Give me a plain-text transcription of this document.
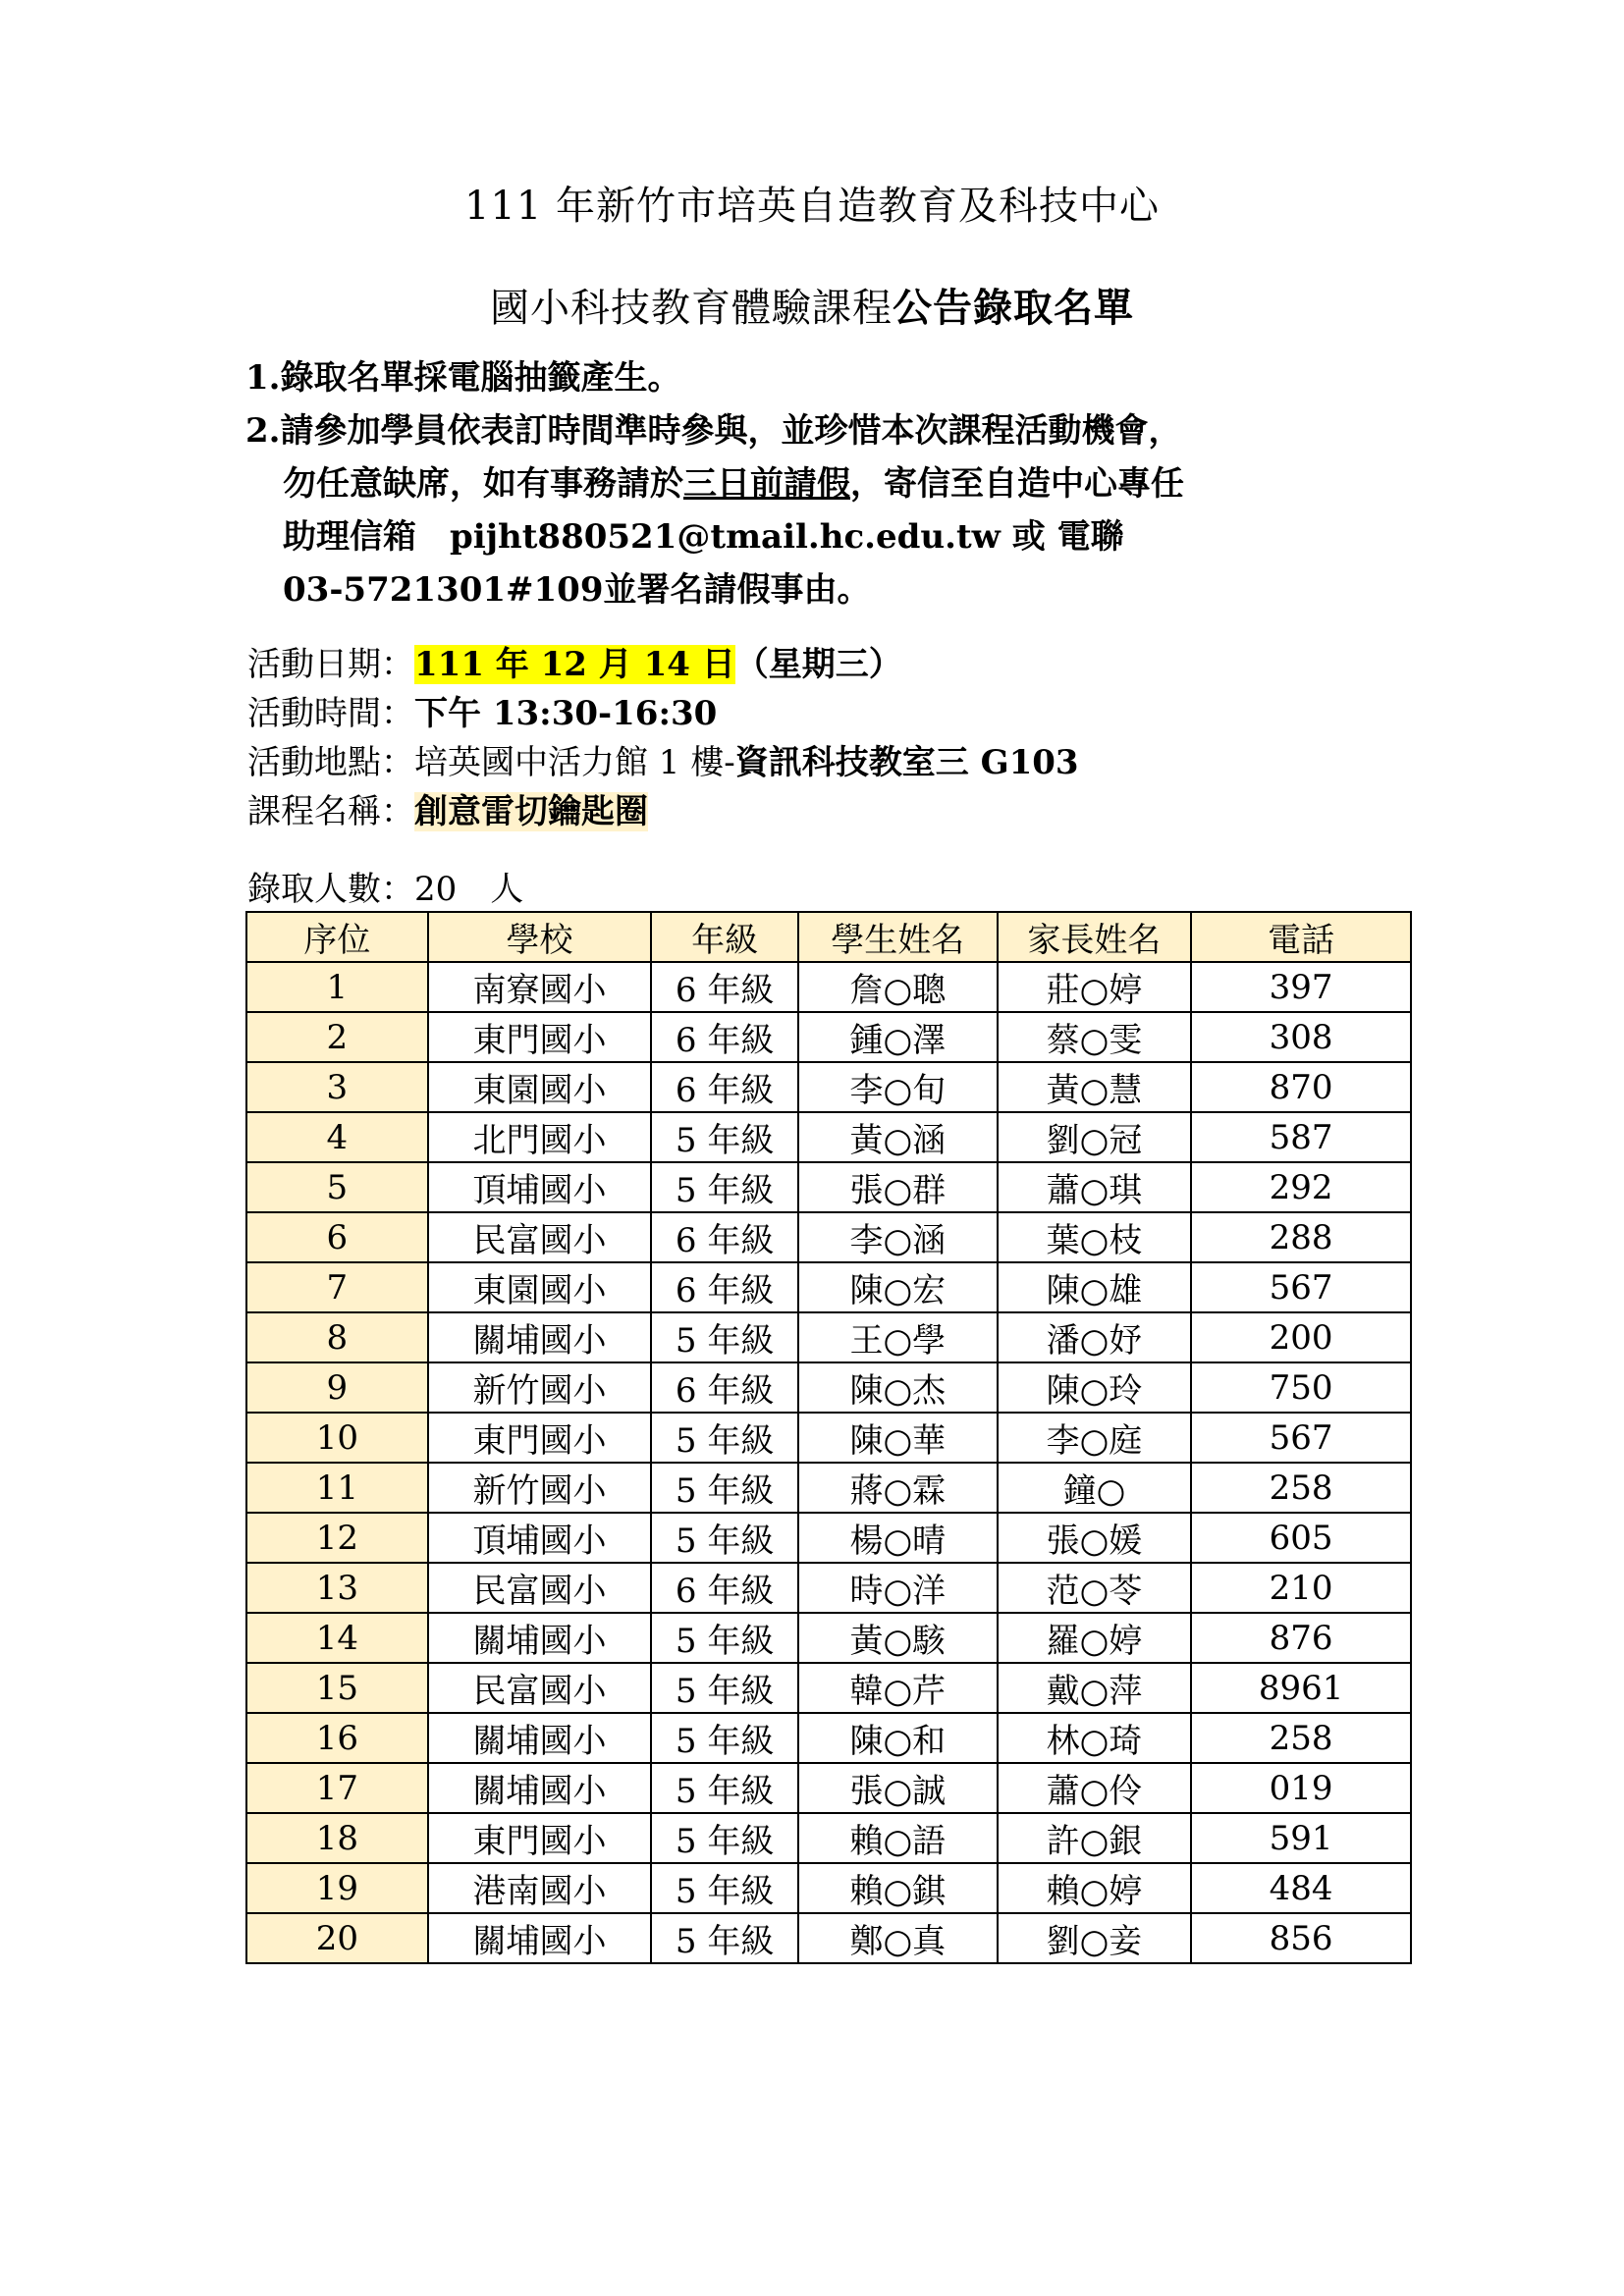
111 年新竹市培英自造教育及科技中心
國小科技教育體驗課程公告錄取名單
1.錄取名單採電腦抽籤產生。
2.請參加學員依表訂時間準時參與，並珍惜本次課程活動機會，
勿任意缺席，如有事務請於三日前請假，寄信至自造中心專任
助理信箱　pijht880521@tmail.hc.edu.tw 或 電聯
03-5721301#109並署名請假事由。
活動日期：111 年 12 月 14 日（星期三）
活動時間：下午 13:30-16:30
活動地點：培英國中活力館 1 樓-資訊科技教室三 G103
課程名稱：創意雷切鑰匙圈
錄取人數：20　人
序位	學校	年級	學生姓名	家長姓名	電話
1	南寮國小	6 年級	詹○聰	莊○婷	397
2	東門國小	6 年級	鍾○澤	蔡○雯	308
3	東園國小	6 年級	李○旬	黃○慧	870
4	北門國小	5 年級	黃○涵	劉○冠	587
5	頂埔國小	5 年級	張○群	蕭○琪	292
6	民富國小	6 年級	李○涵	葉○枝	288
7	東園國小	6 年級	陳○宏	陳○雄	567
8	關埔國小	5 年級	王○學	潘○妤	200
9	新竹國小	6 年級	陳○杰	陳○玲	750
10	東門國小	5 年級	陳○華	李○庭	567
11	新竹國小	5 年級	蔣○霖	鐘○	258
12	頂埔國小	5 年級	楊○晴	張○媛	605
13	民富國小	6 年級	時○洋	范○苓	210
14	關埔國小	5 年級	黃○駭	羅○婷	876
15	民富國小	5 年級	韓○芹	戴○萍	8961
16	關埔國小	5 年級	陳○和	林○琦	258
17	關埔國小	5 年級	張○誠	蕭○伶	019
18	東門國小	5 年級	賴○語	許○銀	591
19	港南國小	5 年級	賴○錤	賴○婷	484
20	關埔國小	5 年級	鄭○真	劉○妾	856
